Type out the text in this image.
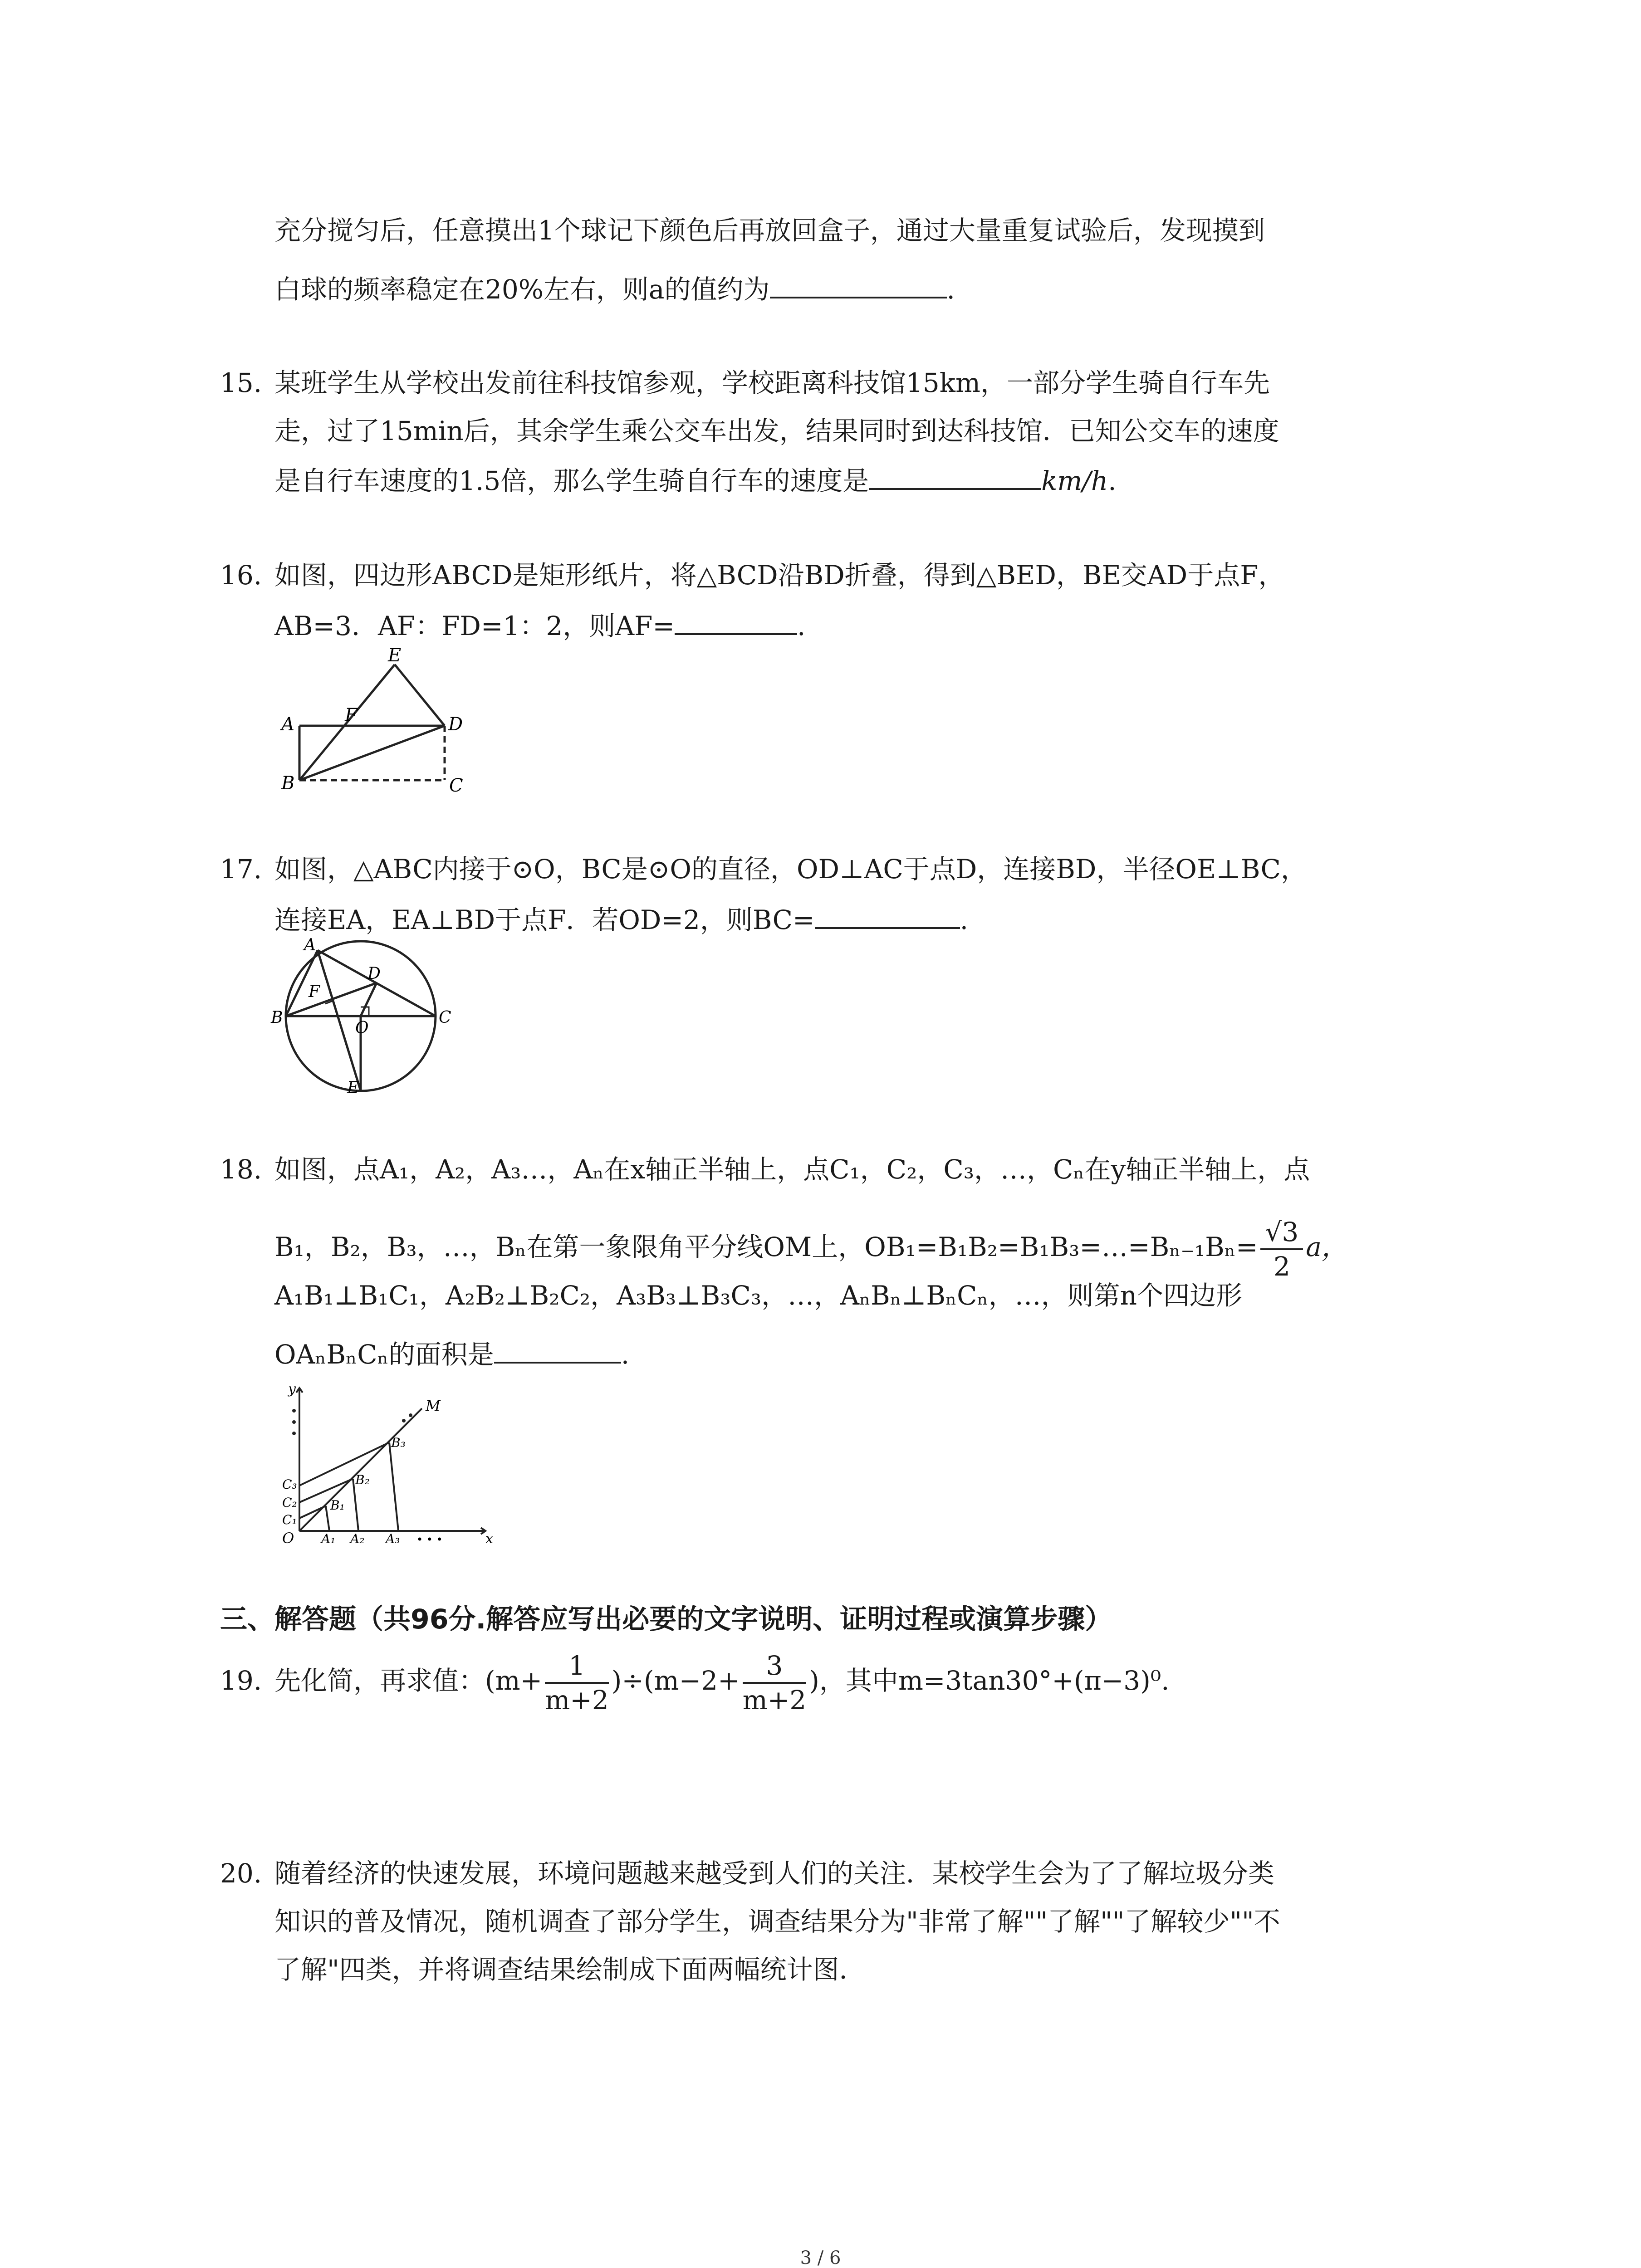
充分搅匀后，任意摸出1个球记下颜色后再放回盒子，通过大量重复试验后，发现摸到
白球的频率稳定在20%左右，则a的值约为	.
15. 某班学生从学校出发前往科技馆参观，学校距离科技馆15km，一部分学生骑自行车先
走，过了15min后，其余学生乘公交车出发，结果同时到达科技馆．已知公交车的速度
是自行车速度的1.5倍，那么学生骑自行车的速度是	km/h.
16. 如图，四边形ABCD是矩形纸片，将△BCD沿BD折叠，得到△BED，BE交AD于点F，
AB=3．AF：FD=1：2，则AF=	.
A
B	C
D
E
F
17. 如图，△ABC内接于⊙O，BC是⊙O的直径，OD⊥AC于点D，连接BD，半径OE⊥BC，
连接EA，EA⊥BD于点F．若OD=2，则BC=	.
A
B	C
D
E
F
O
18. 如图，点A₁，A₂，A₃…，Aₙ在x轴正半轴上，点C₁，C₂，C₃，…，Cₙ在y轴正半轴上，点
B₁，B₂，B₃，…，Bₙ在第一象限角平分线OM上，OB₁=B₁B₂=B₁B₃=…=Bₙ₋₁Bₙ= $\frac{√3}{2}$ a，
A₁B₁⊥B₁C₁，A₂B₂⊥B₂C₂，A₃B₃⊥B₃C₃，…，AₙBₙ⊥BₙCₙ，…，则第n个四边形
OAₙBₙCₙ的面积是	.
x
y
O
M
A₁ A₂ A₃ • • •
B₁
B₂
B₃
C₁
C₂
C₃
三、解答题（共96分.解答应写出必要的文字说明、证明过程或演算步骤）
19. 先化简，再求值：$(m+ \frac{1}{m+2} )\div(m-2+ \frac{3}{m+2}$ )，其中m=3tan30°+(π−3)⁰.
20. 随着经济的快速发展，环境问题越来越受到人们的关注．某校学生会为了了解垃圾分类
知识的普及情况，随机调查了部分学生，调查结果分为"非常了解""了解""了解较少""不
了解"四类，并将调查结果绘制成下面两幅统计图．
3 / 6
